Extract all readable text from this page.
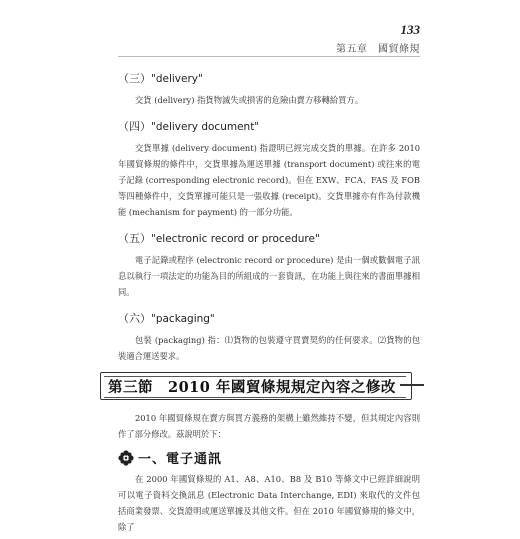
133
第五章　國貿條規
（三）"delivery"

交貨 (delivery) 指貨物滅失或損害的危險由賣方移轉給買方。

（四）"delivery document"

交貨單據 (delivery document) 指證明已經完成交貨的單據。在許多 2010 年國貿條規的條件中，交貨單據為運送單據 (transport document) 或往來的電子記錄 (corresponding electronic record)。但在 EXW、FCA、FAS 及 FOB 等四種條件中，交貨單據可能只是一張收據 (receipt)。交貨單據亦有作為付款機能 (mechanism for payment) 的一部分功能。

（五）"electronic record or procedure"

電子記錄或程序 (electronic record or procedure) 是由一個或數個電子訊息以執行一項法定的功能為目的所組成的一套資訊，在功能上與往來的書面單據相同。

（六）"packaging"

包裝 (packaging) 指：⑴貨物的包裝遵守買賣契約的任何要求。⑵貨物的包裝適合運送要求。

第三節　2010 年國貿條規規定內容之修改

2010 年國貿條規在賣方與買方義務的架構上雖然維持不變，但其規定內容則作了部分修改。茲說明於下：

一、電子通訊

在 2000 年國貿條規的 A1、A8、A10、B8 及 B10 等條文中已經詳細說明可以電子資料交換訊息 (Electronic Data Interchange, EDI) 來取代的文件包括商業發票、交貨證明或運送單據及其他文件。但在 2010 年國貿條規的條文中，除了
